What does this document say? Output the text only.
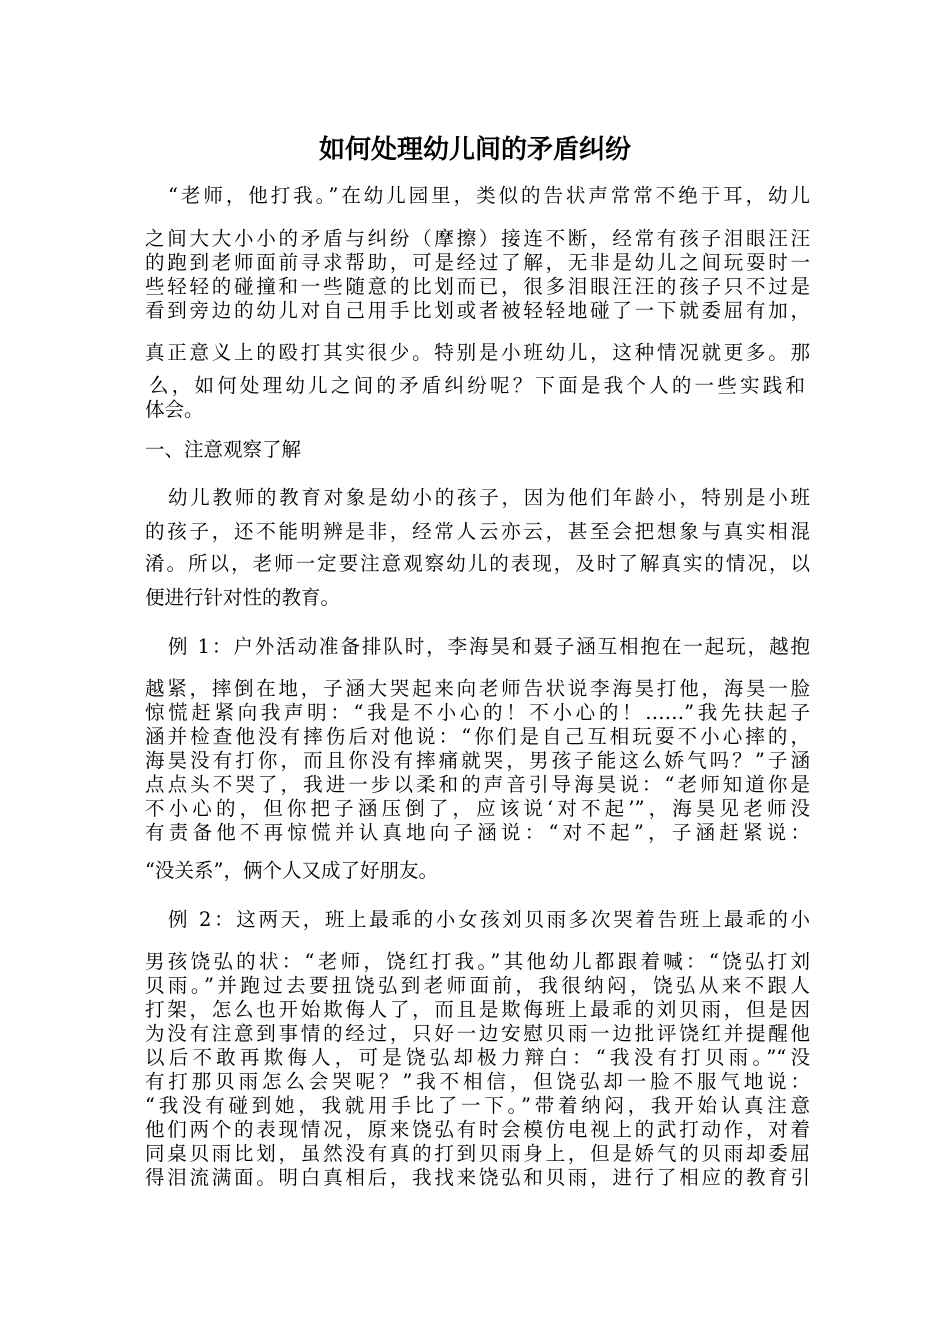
如何处理幼儿间的矛盾纠纷
“老师，他打我。”在幼儿园里，类似的告状声常常不绝于耳，幼儿
之间大大小小的矛盾与纠纷（摩擦）接连不断，经常有孩子泪眼汪汪
的跑到老师面前寻求帮助，可是经过了解，无非是幼儿之间玩耍时一
些轻轻的碰撞和一些随意的比划而已，很多泪眼汪汪的孩子只不过是
看到旁边的幼儿对自己用手比划或者被轻轻地碰了一下就委屈有加，
真正意义上的殴打其实很少。特别是小班幼儿，这种情况就更多。那
么，如何处理幼儿之间的矛盾纠纷呢？下面是我个人的一些实践和
体会。
一、注意观察了解
幼儿教师的教育对象是幼小的孩子，因为他们年龄小，特别是小班
的孩子，还不能明辨是非，经常人云亦云，甚至会把想象与真实相混
淆。所以，老师一定要注意观察幼儿的表现，及时了解真实的情况，以
便进行针对性的教育。
例 1：户外活动准备排队时，李海昊和聂子涵互相抱在一起玩，越抱
越紧，摔倒在地，子涵大哭起来向老师告状说李海昊打他，海昊一脸
惊慌赶紧向我声明：“我是不小心的！不小心的！……”我先扶起子
涵并检查他没有摔伤后对他说：“你们是自己互相玩耍不小心摔的，
海昊没有打你，而且你没有摔痛就哭，男孩子能这么娇气吗？”子涵
点点头不哭了，我进一步以柔和的声音引导海昊说：“老师知道你是
不小心的，但你把子涵压倒了，应该说‘对不起’”，海昊见老师没
有责备他不再惊慌并认真地向子涵说：“对不起”，子涵赶紧说：
“没关系”，俩个人又成了好朋友。
例 2：这两天，班上最乖的小女孩刘贝雨多次哭着告班上最乖的小
男孩饶弘的状：“老师，饶红打我。”其他幼儿都跟着喊：“饶弘打刘
贝雨。”并跑过去要扭饶弘到老师面前，我很纳闷，饶弘从来不跟人
打架，怎么也开始欺侮人了，而且是欺侮班上最乖的刘贝雨，但是因
为没有注意到事情的经过，只好一边安慰贝雨一边批评饶红并提醒他
以后不敢再欺侮人，可是饶弘却极力辩白：“我没有打贝雨。”“没
有打那贝雨怎么会哭呢？”我不相信，但饶弘却一脸不服气地说：
“我没有碰到她，我就用手比了一下。”带着纳闷，我开始认真注意
他们两个的表现情况，原来饶弘有时会模仿电视上的武打动作，对着
同桌贝雨比划，虽然没有真的打到贝雨身上，但是娇气的贝雨却委屈
得泪流满面。明白真相后，我找来饶弘和贝雨，进行了相应的教育引
